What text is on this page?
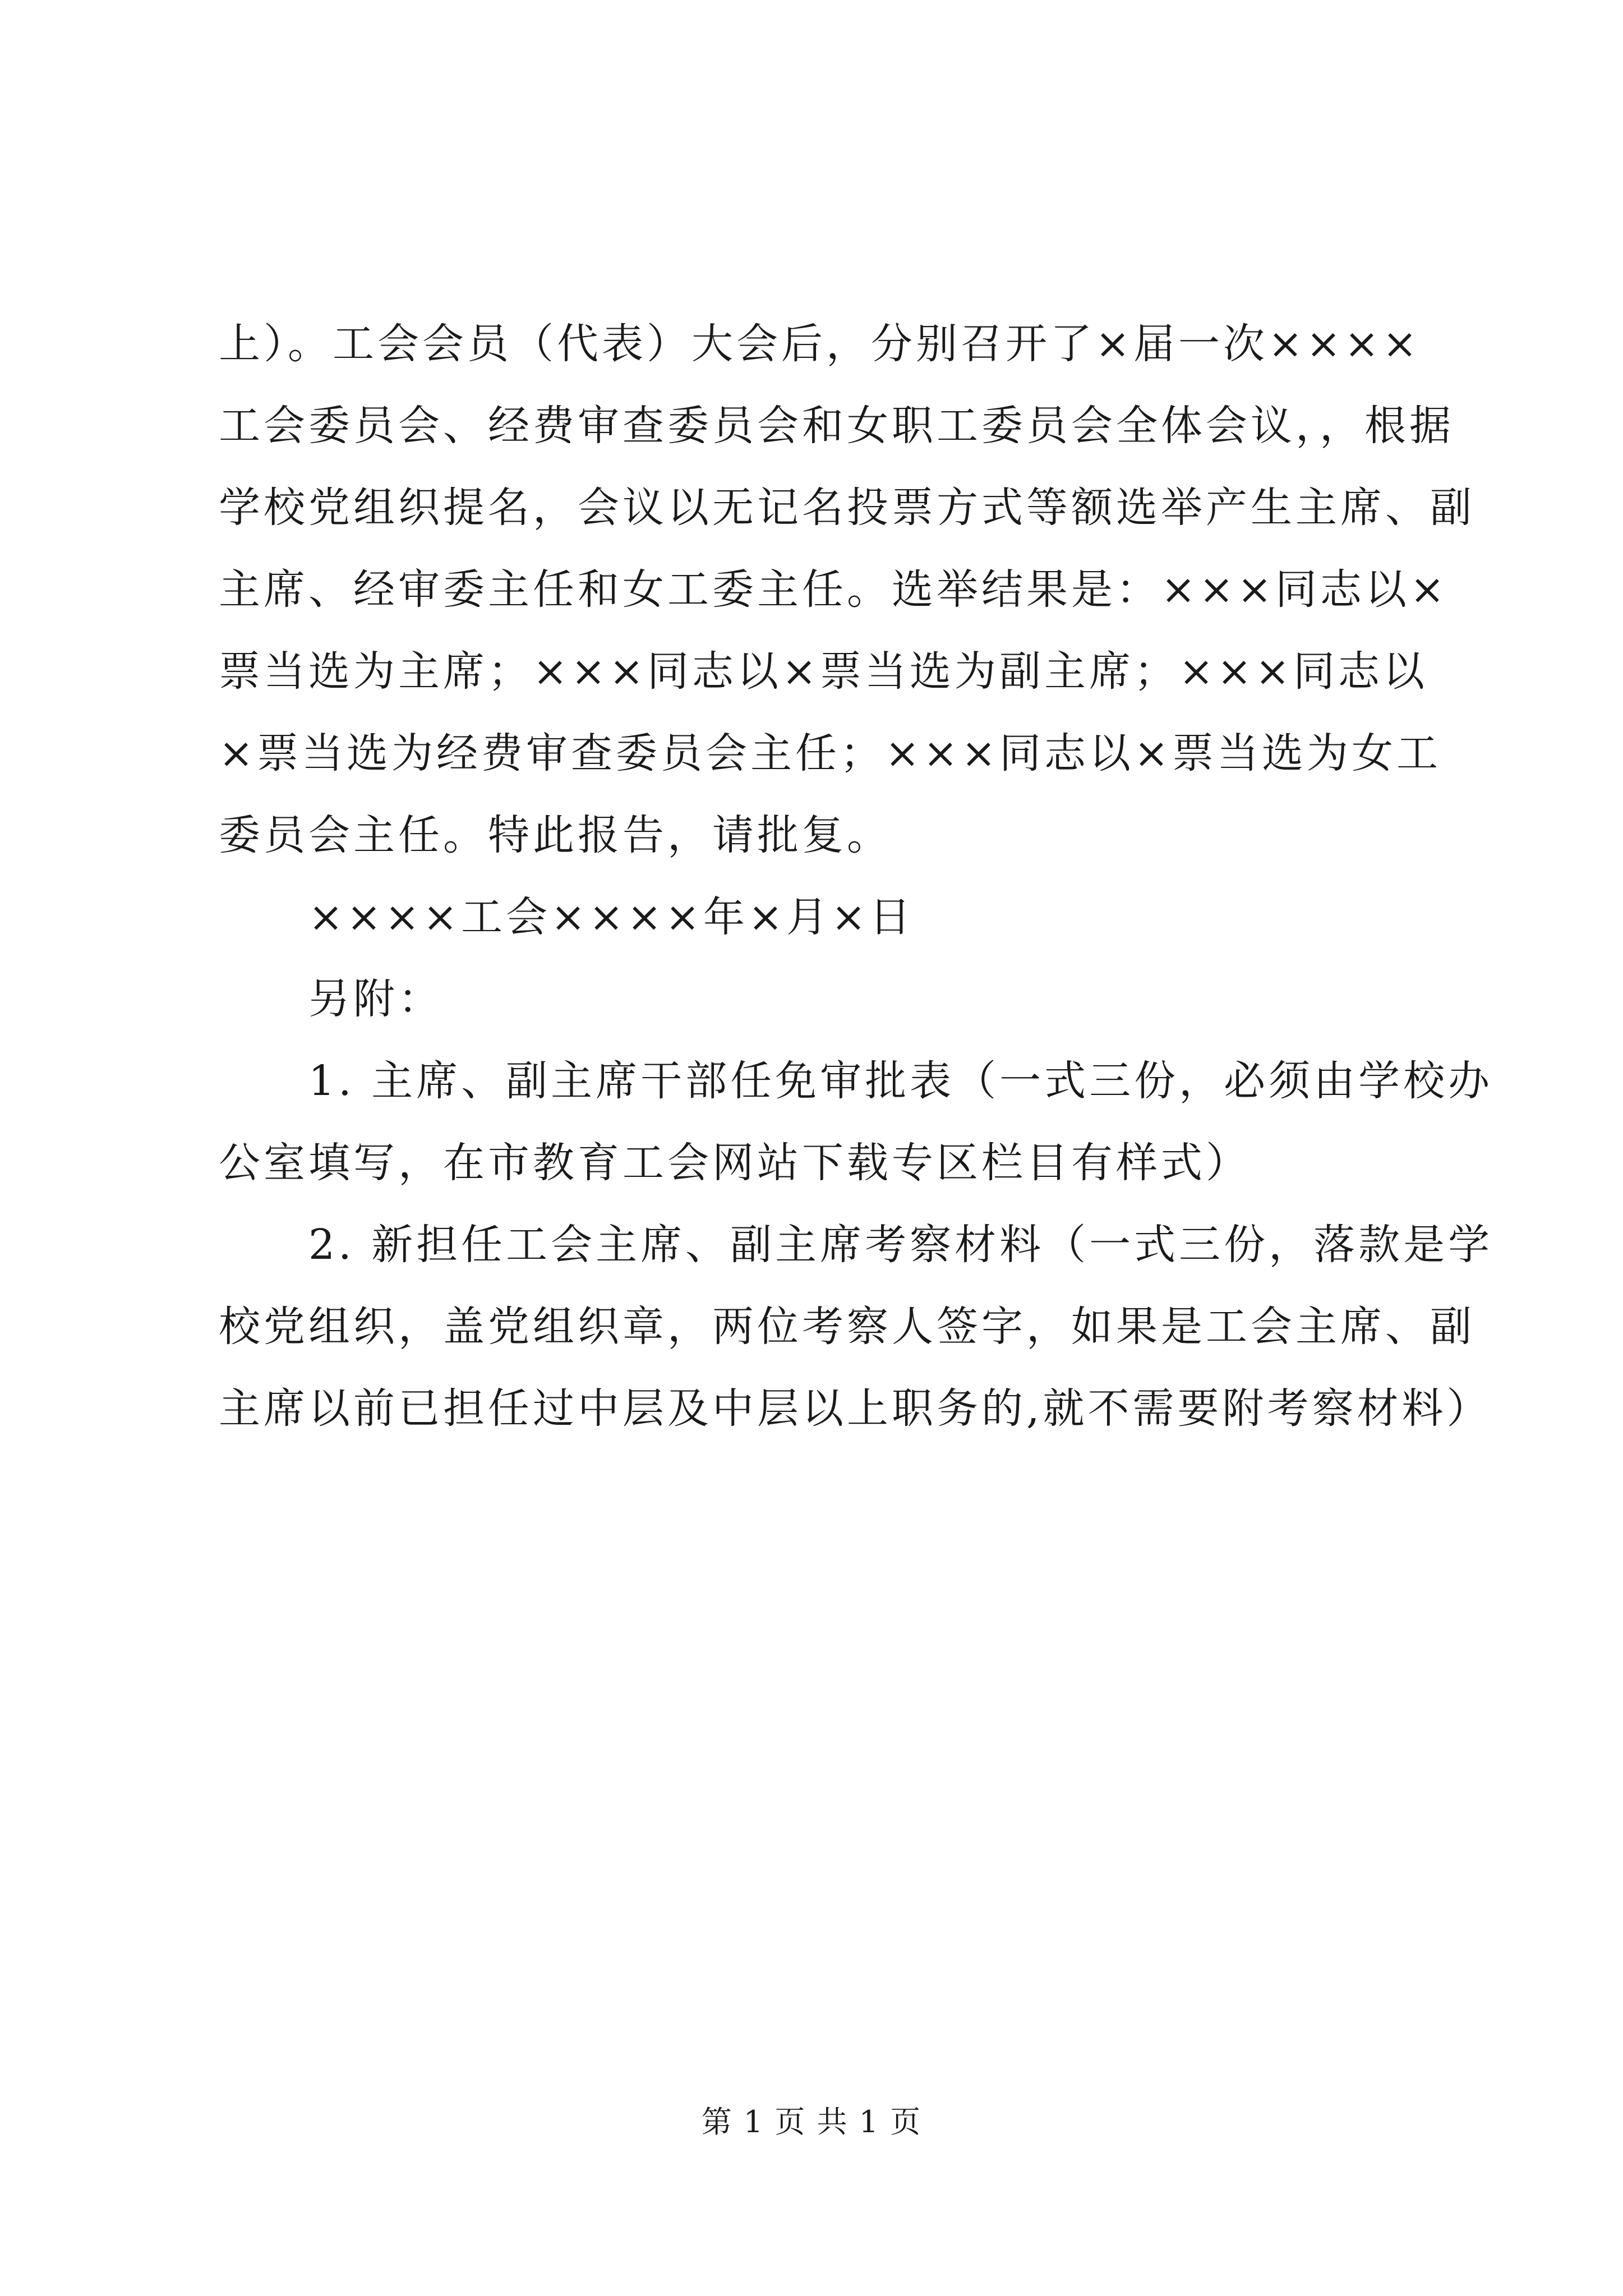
上）。工会会员（代表）大会后，分别召开了×届一次××××
工会委员会、经费审查委员会和女职工委员会全体会议，，根据
学校党组织提名，会议以无记名投票方式等额选举产生主席、副
主席、经审委主任和女工委主任。选举结果是：×××同志以×
票当选为主席；×××同志以×票当选为副主席；×××同志以
×票当选为经费审查委员会主任；×××同志以×票当选为女工
委员会主任。特此报告，请批复。
××××工会××××年×月×日
另附：
1. 主席、副主席干部任免审批表（一式三份，必须由学校办
公室填写，在市教育工会网站下载专区栏目有样式）
2. 新担任工会主席、副主席考察材料（一式三份，落款是学
校党组织，盖党组织章，两位考察人签字，如果是工会主席、副
主席以前已担任过中层及中层以上职务的,就不需要附考察材料）
第 1 页 共 1 页
